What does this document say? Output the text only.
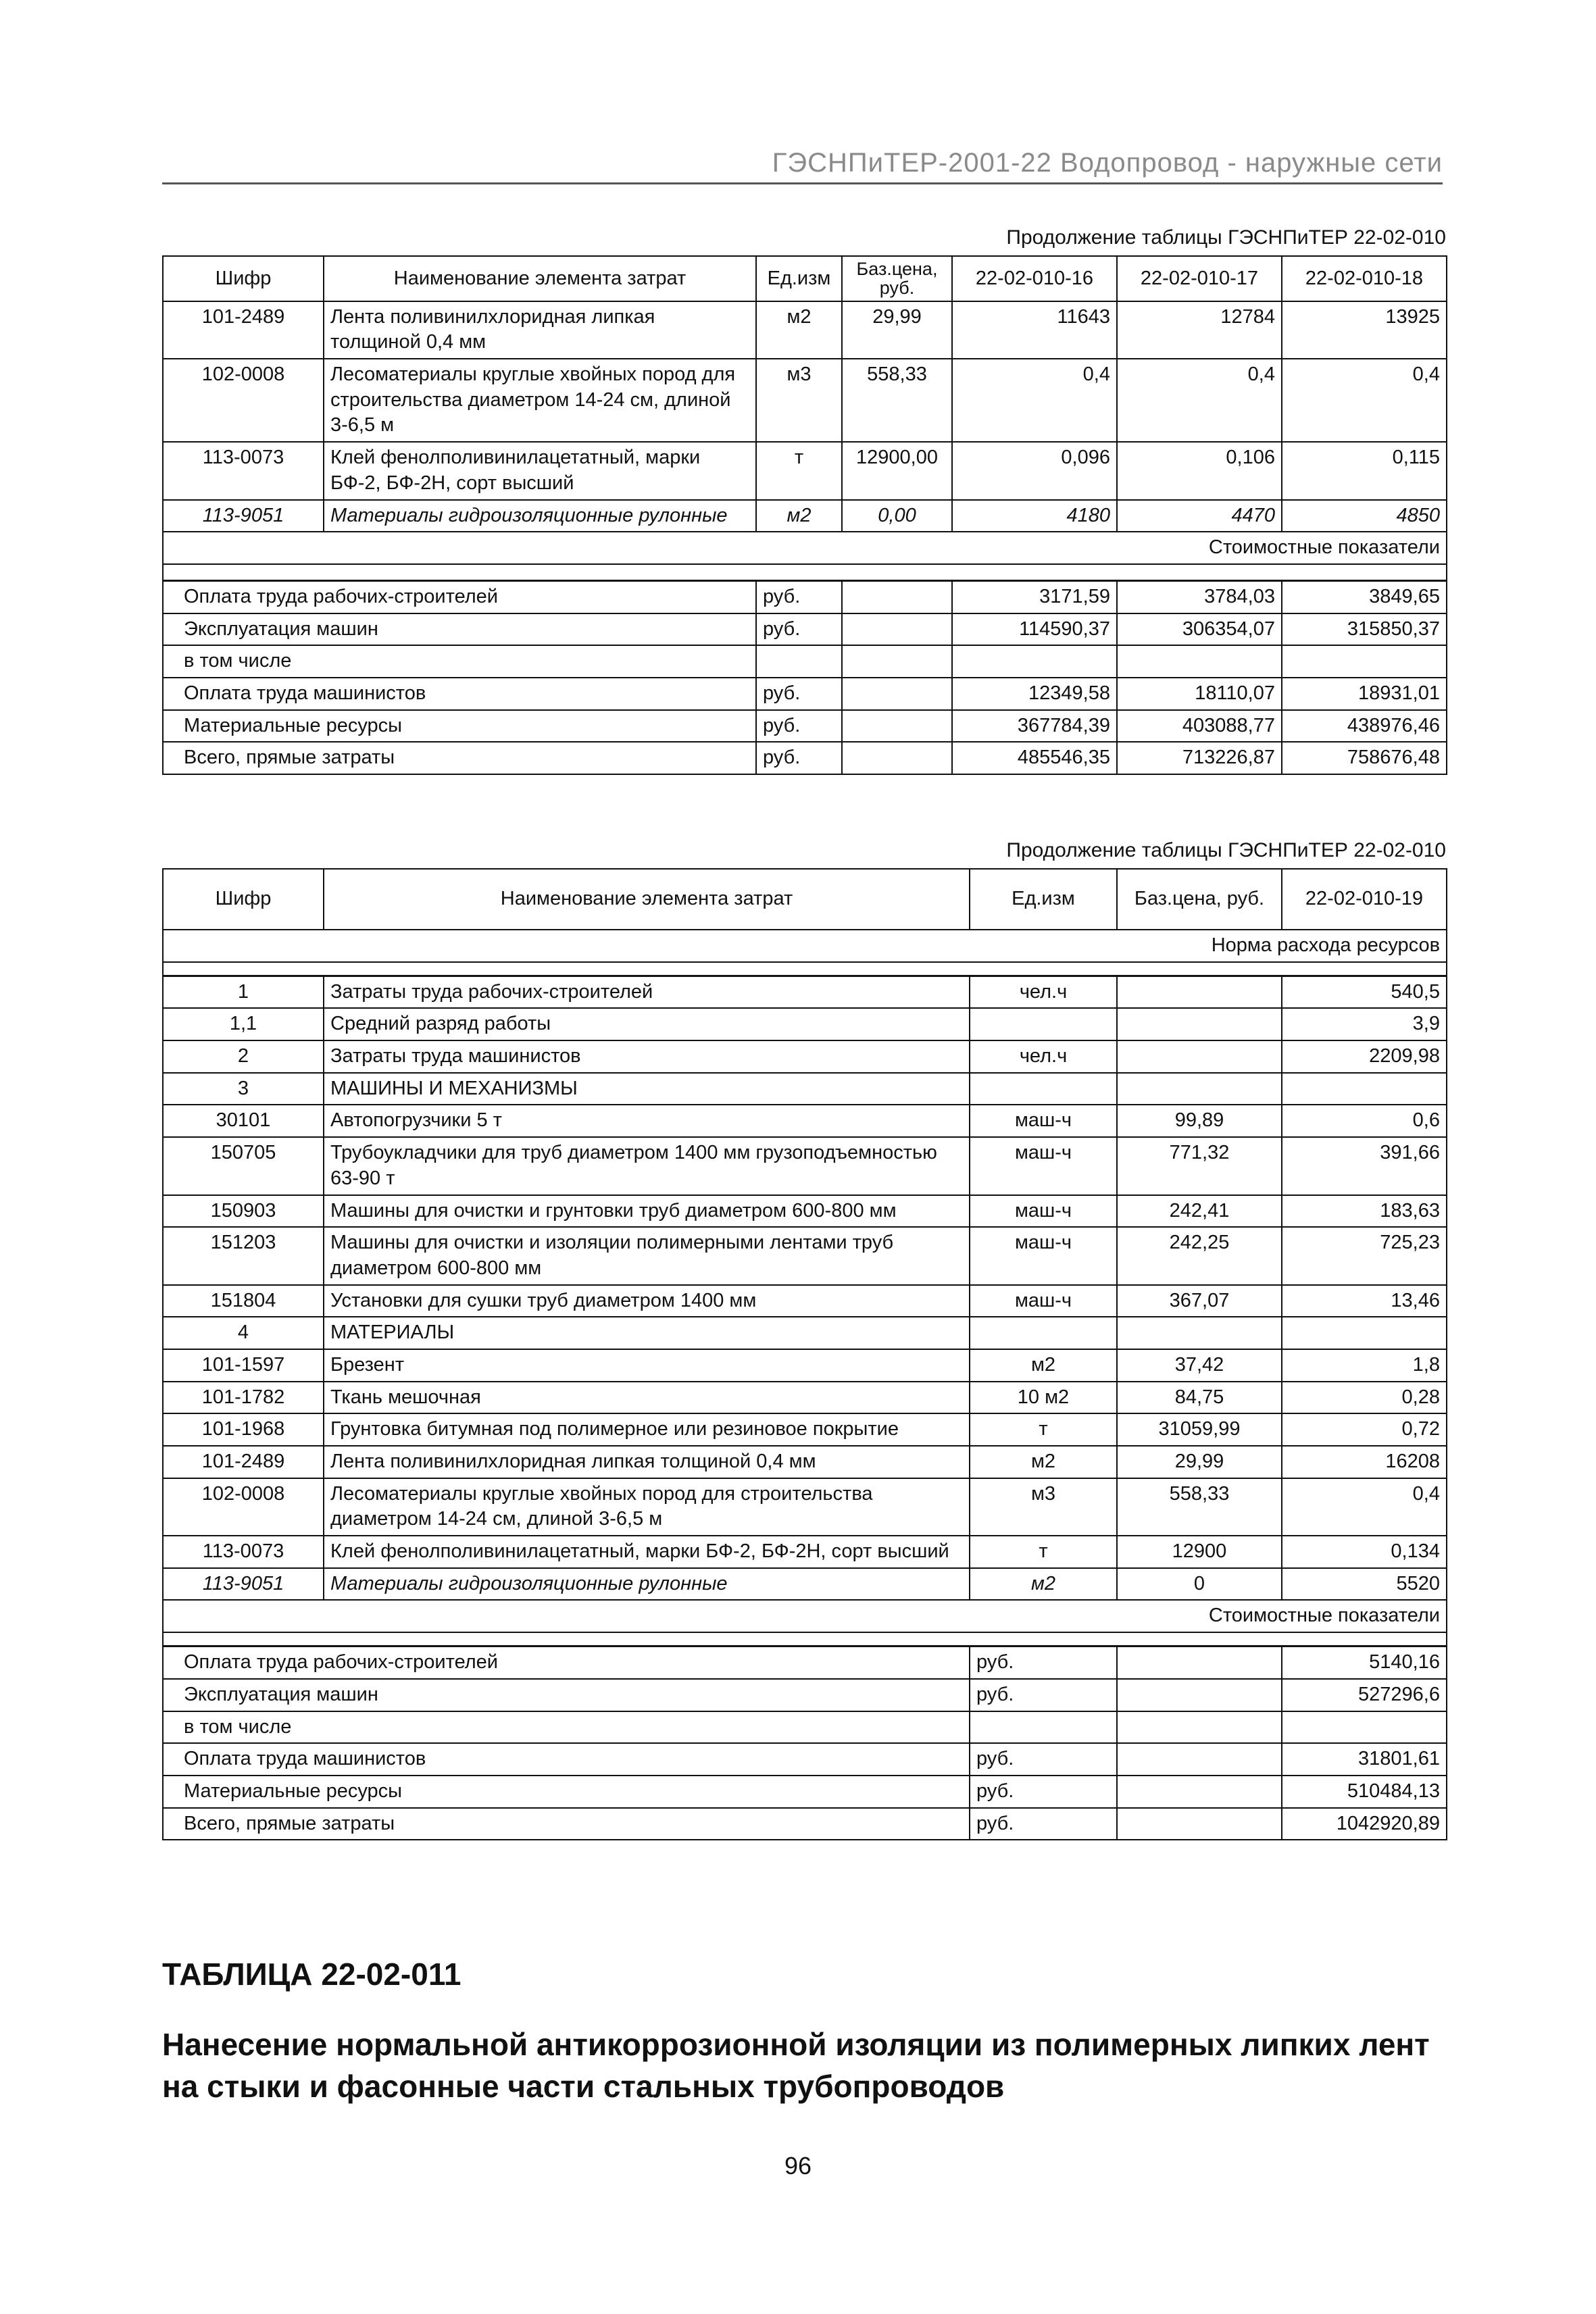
ГЭСНПиТЕР-2001-22 Водопровод - наружные сети
Продолжение таблицы ГЭСНПиТЕР 22-02-010
Шифр	Наименование элемента затрат	Ед.изм	Баз.цена, руб.	22-02-010-16	22-02-010-17	22-02-010-18
101-2489	Лента поливинилхлоридная липкая толщиной 0,4 мм	м2	29,99	11643	12784	13925
102-0008	Лесоматериалы круглые хвойных пород для строительства диаметром 14-24 см, длиной 3-6,5 м	м3	558,33	0,4	0,4	0,4
113-0073	Клей фенолполивинилацетатный, марки БФ-2, БФ-2Н, сорт высший	т	12900,00	0,096	0,106	0,115
113-9051	Материалы гидроизоляционные рулонные	м2	0,00	4180	4470	4850
Стоимостные показатели						

Оплата труда рабочих-строителей		руб.		3171,59	3784,03	3849,65
Эксплуатация машин		руб.		114590,37	306354,07	315850,37
в том числе						
Оплата труда машинистов		руб.		12349,58	18110,07	18931,01
Материальные ресурсы		руб.		367784,39	403088,77	438976,46
Всего, прямые затраты		руб.		485546,35	713226,87	758676,48
Продолжение таблицы ГЭСНПиТЕР 22-02-010
Шифр	Наименование элемента затрат	Ед.изм	Баз.цена, руб.	22-02-010-19
Норма расхода ресурсов				

1	Затраты труда рабочих-строителей	чел.ч		540,5
1,1	Средний разряд работы			3,9
2	Затраты труда машинистов	чел.ч		2209,98
3	МАШИНЫ И МЕХАНИЗМЫ			
30101	Автопогрузчики 5 т	маш-ч	99,89	0,6
150705	Трубоукладчики для труб диаметром 1400 мм грузоподъемностью 63-90 т	маш-ч	771,32	391,66
150903	Машины для очистки и грунтовки труб диаметром 600-800 мм	маш-ч	242,41	183,63
151203	Машины для очистки и изоляции полимерными лентами труб диаметром 600-800 мм	маш-ч	242,25	725,23
151804	Установки для сушки труб диаметром 1400 мм	маш-ч	367,07	13,46
4	МАТЕРИАЛЫ			
101-1597	Брезент	м2	37,42	1,8
101-1782	Ткань мешочная	10 м2	84,75	0,28
101-1968	Грунтовка битумная под полимерное или резиновое покрытие	т	31059,99	0,72
101-2489	Лента поливинилхлоридная липкая толщиной 0,4 мм	м2	29,99	16208
102-0008	Лесоматериалы круглые хвойных пород для строительства диаметром 14-24 см, длиной 3-6,5 м	м3	558,33	0,4
113-0073	Клей фенолполивинилацетатный, марки БФ-2, БФ-2Н, сорт высший	т	12900	0,134
113-9051	Материалы гидроизоляционные рулонные	м2	0	5520
Стоимостные показатели				

Оплата труда рабочих-строителей		руб.		5140,16
Эксплуатация машин		руб.		527296,6
в том числе				
Оплата труда машинистов		руб.		31801,61
Материальные ресурсы		руб.		510484,13
Всего, прямые затраты		руб.		1042920,89
ТАБЛИЦА 22-02-011
Нанесение нормальной антикоррозионной изоляции из полимерных липких лент на стыки и фасонные части стальных трубопроводов
96
